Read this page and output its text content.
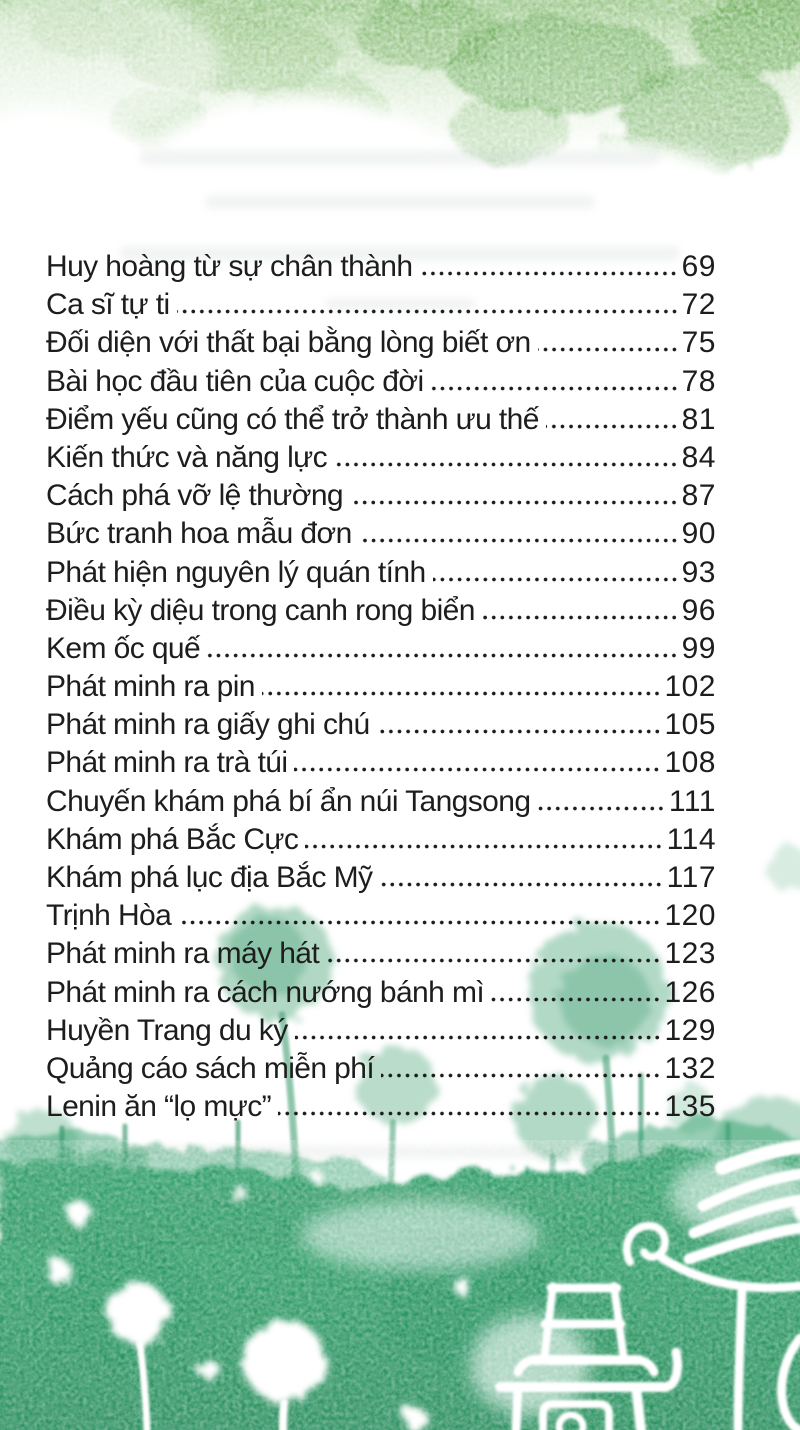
Huy hoàng từ sự chân thành	69
Ca sĩ tự ti	72
Đối diện với thất bại bằng lòng biết ơn	75
Bài học đầu tiên của cuộc đời	78
Điểm yếu cũng có thể trở thành ưu thế	81
Kiến thức và năng lực	84
Cách phá vỡ lệ thường	87
Bức tranh hoa mẫu đơn	90
Phát hiện nguyên lý quán tính	93
Điều kỳ diệu trong canh rong biển	96
Kem ốc quế	99
Phát minh ra pin	102
Phát minh ra giấy ghi chú	105
Phát minh ra trà túi	108
Chuyến khám phá bí ẩn núi Tangsong	111
Khám phá Bắc Cực	114
Khám phá lục địa Bắc Mỹ	117
Trịnh Hòa	120
Phát minh ra máy hát	123
Phát minh ra cách nướng bánh mì	126
Huyền Trang du ký	129
Quảng cáo sách miễn phí	132
Lenin ăn “lọ mực”	135
